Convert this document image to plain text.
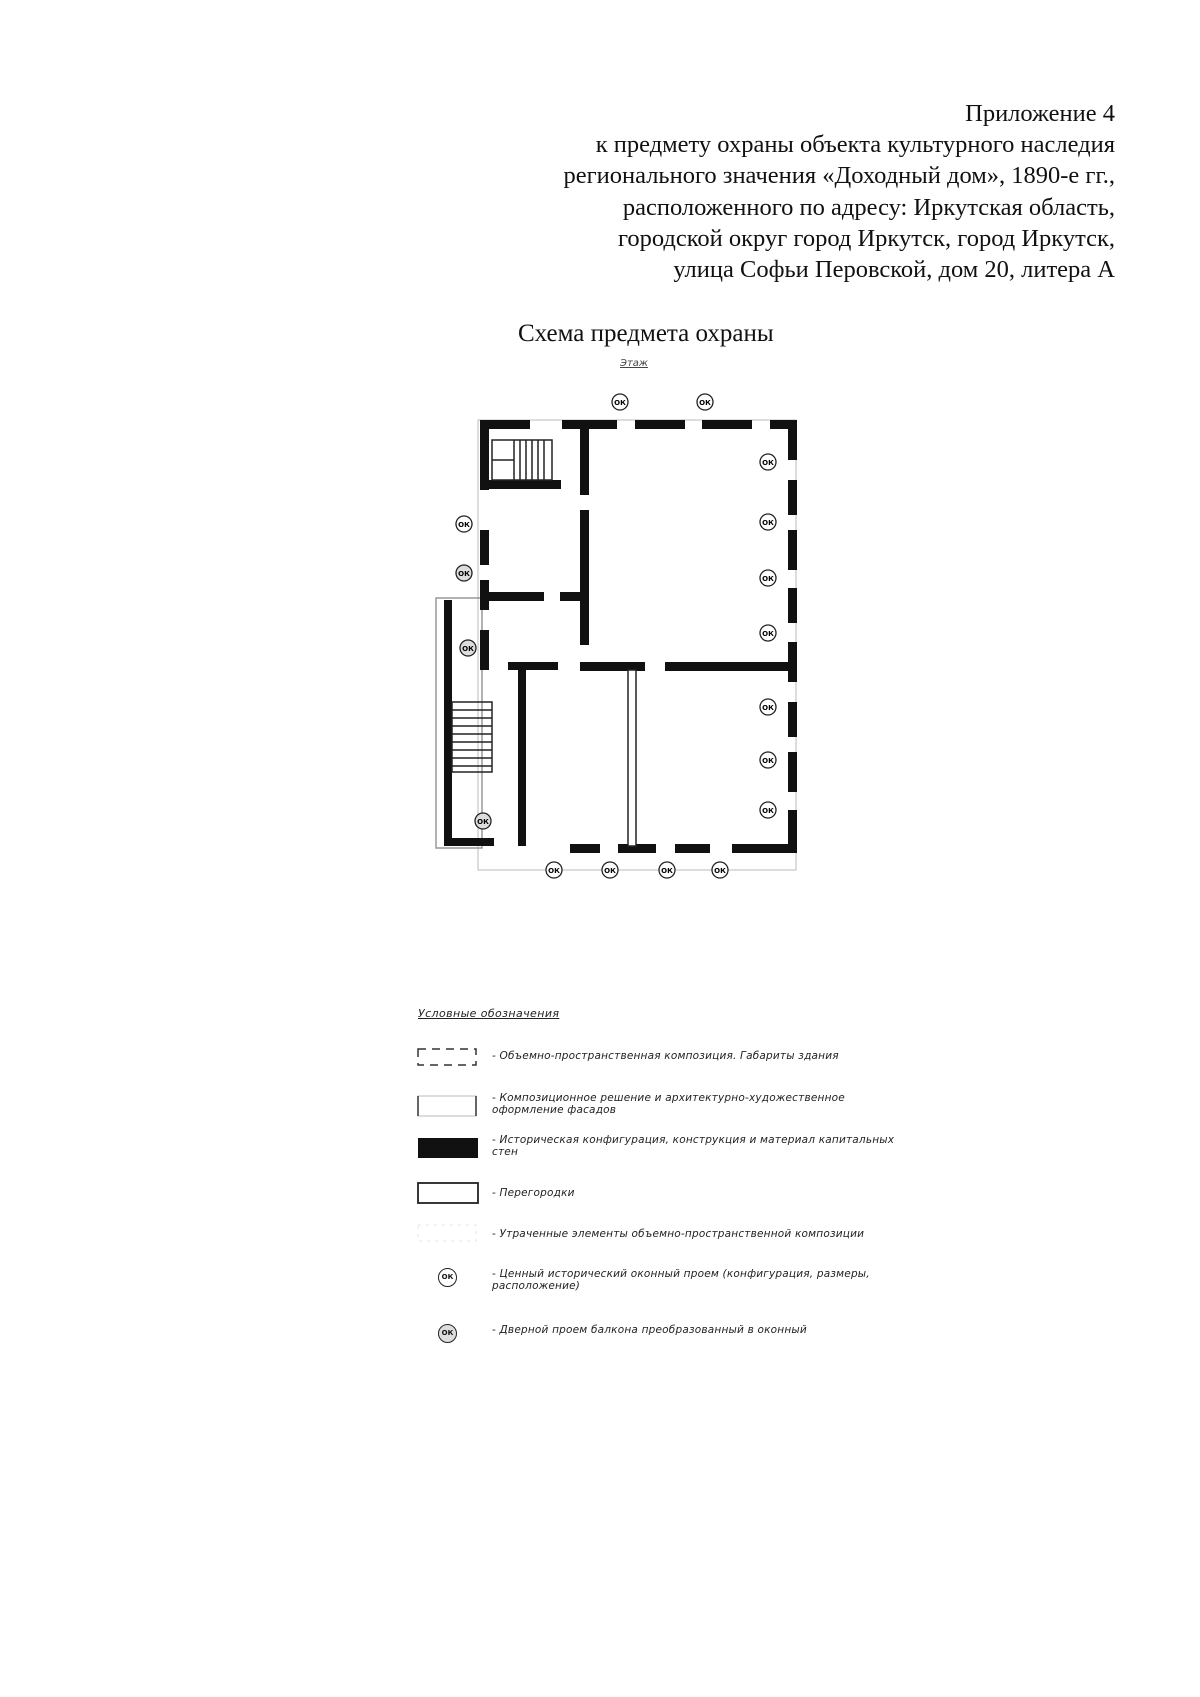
Приложение 4
к предмету охраны объекта культурного наследия
регионального значения «Доходный дом», 1890-е гг.,
расположенного по адресу: Иркутская область,
городской округ город Иркутск, город Иркутск,
улица Софьи Перовской, дом 20, литера А
Схема предмета охраны
Этаж
ОК	ОК
ОК
ОК
ОК
ОК
ОК
ОК
ОК
ОК
ОК
ОК
ОК
ОК	ОК	ОК	ОК
Условные обозначения
- Объемно-пространственная композиция. Габариты здания
- Композиционное решение и архитектурно-художественное оформление фасадов
- Историческая конфигурация, конструкция и материал капитальных стен
- Перегородки
- Утраченные элементы объемно-пространственной композиции
ОК	- Ценный исторический оконный проем (конфигурация, размеры, расположение)
ОК	- Дверной проем балкона преобразованный в оконный
